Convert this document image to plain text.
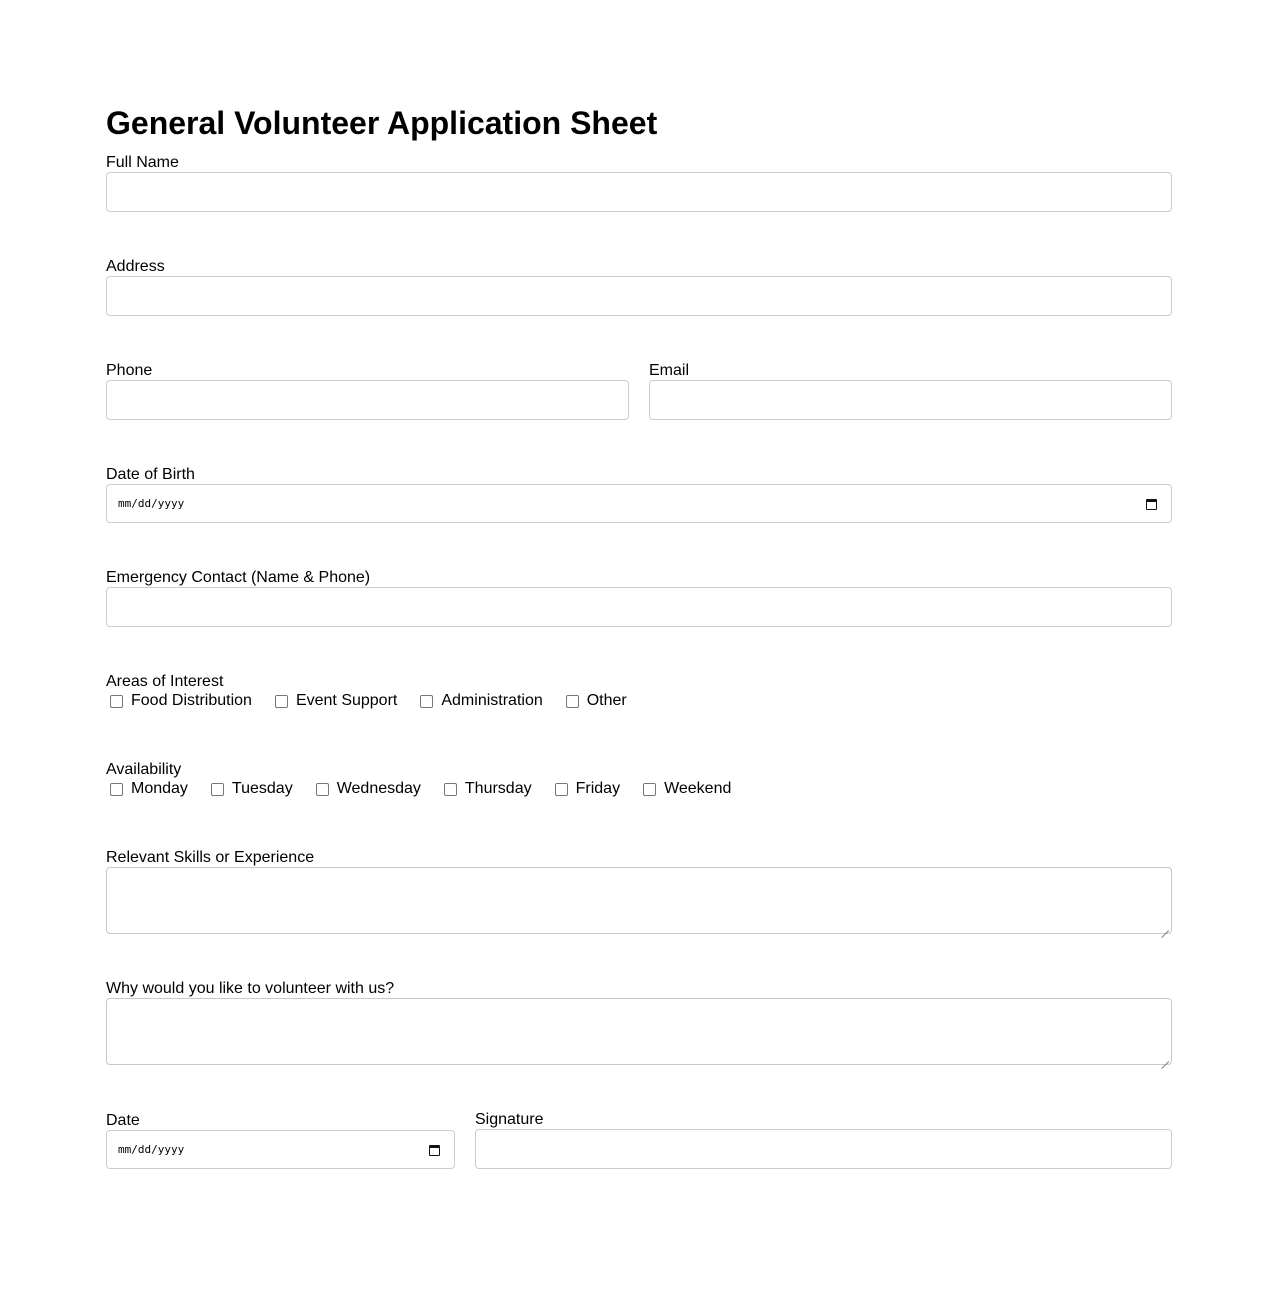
General Volunteer Application Sheet
Full Name
Address
Phone	Email
Date of Birth
mm/dd/yyyy
Emergency Contact (Name & Phone)
Areas of Interest
Food Distribution	Event Support	Administration	Other
Availability
Monday	Tuesday	Wednesday	Thursday	Friday	Weekend
Relevant Skills or Experience
Why would you like to volunteer with us?
Date
mm/dd/yyyy
Signature
